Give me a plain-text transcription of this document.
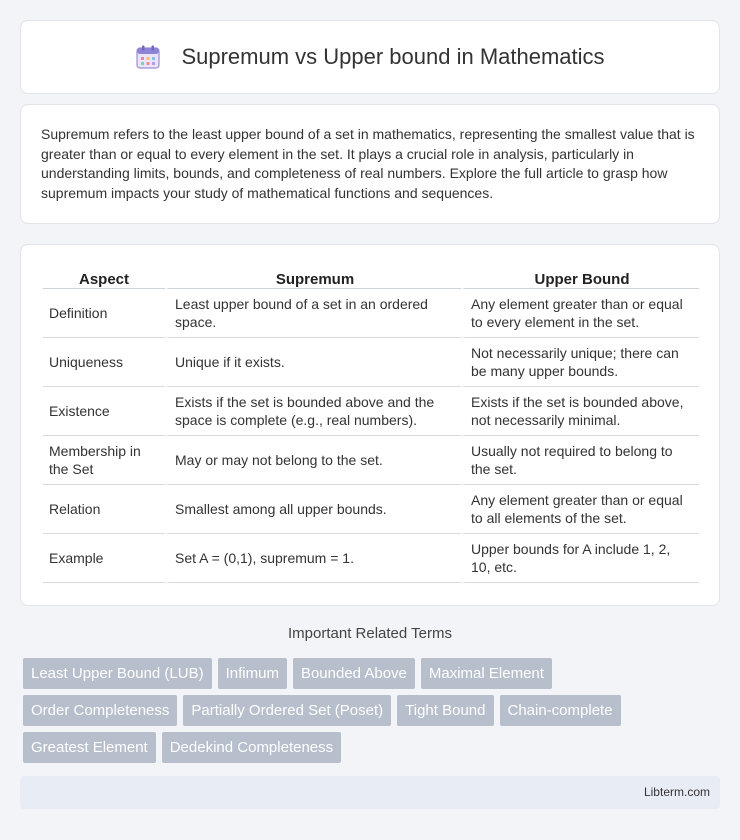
Supremum vs Upper bound in Mathematics

Supremum refers to the least upper bound of a set in mathematics, representing the smallest value that is greater than or equal to every element in the set. It plays a crucial role in analysis, particularly in understanding limits, bounds, and completeness of real numbers. Explore the full article to grasp how supremum impacts your study of mathematical functions and sequences.

Aspect	Supremum	Upper Bound
Definition	Least upper bound of a set in an ordered space.	Any element greater than or equal to every element in the set.
Uniqueness	Unique if it exists.	Not necessarily unique; there can be many upper bounds.
Existence	Exists if the set is bounded above and the space is complete (e.g., real numbers).	Exists if the set is bounded above, not necessarily minimal.
Membership in the Set	May or may not belong to the set.	Usually not required to belong to the set.
Relation	Smallest among all upper bounds.	Any element greater than or equal to all elements of the set.
Example	Set A = (0,1), supremum = 1.	Upper bounds for A include 1, 2, 10, etc.
Important Related Terms
Least Upper Bound (LUB)	Infimum	Bounded Above	Maximal Element
Order Completeness	Partially Ordered Set (Poset)	Tight Bound	Chain-complete
Greatest Element	Dedekind Completeness
Libterm.com
